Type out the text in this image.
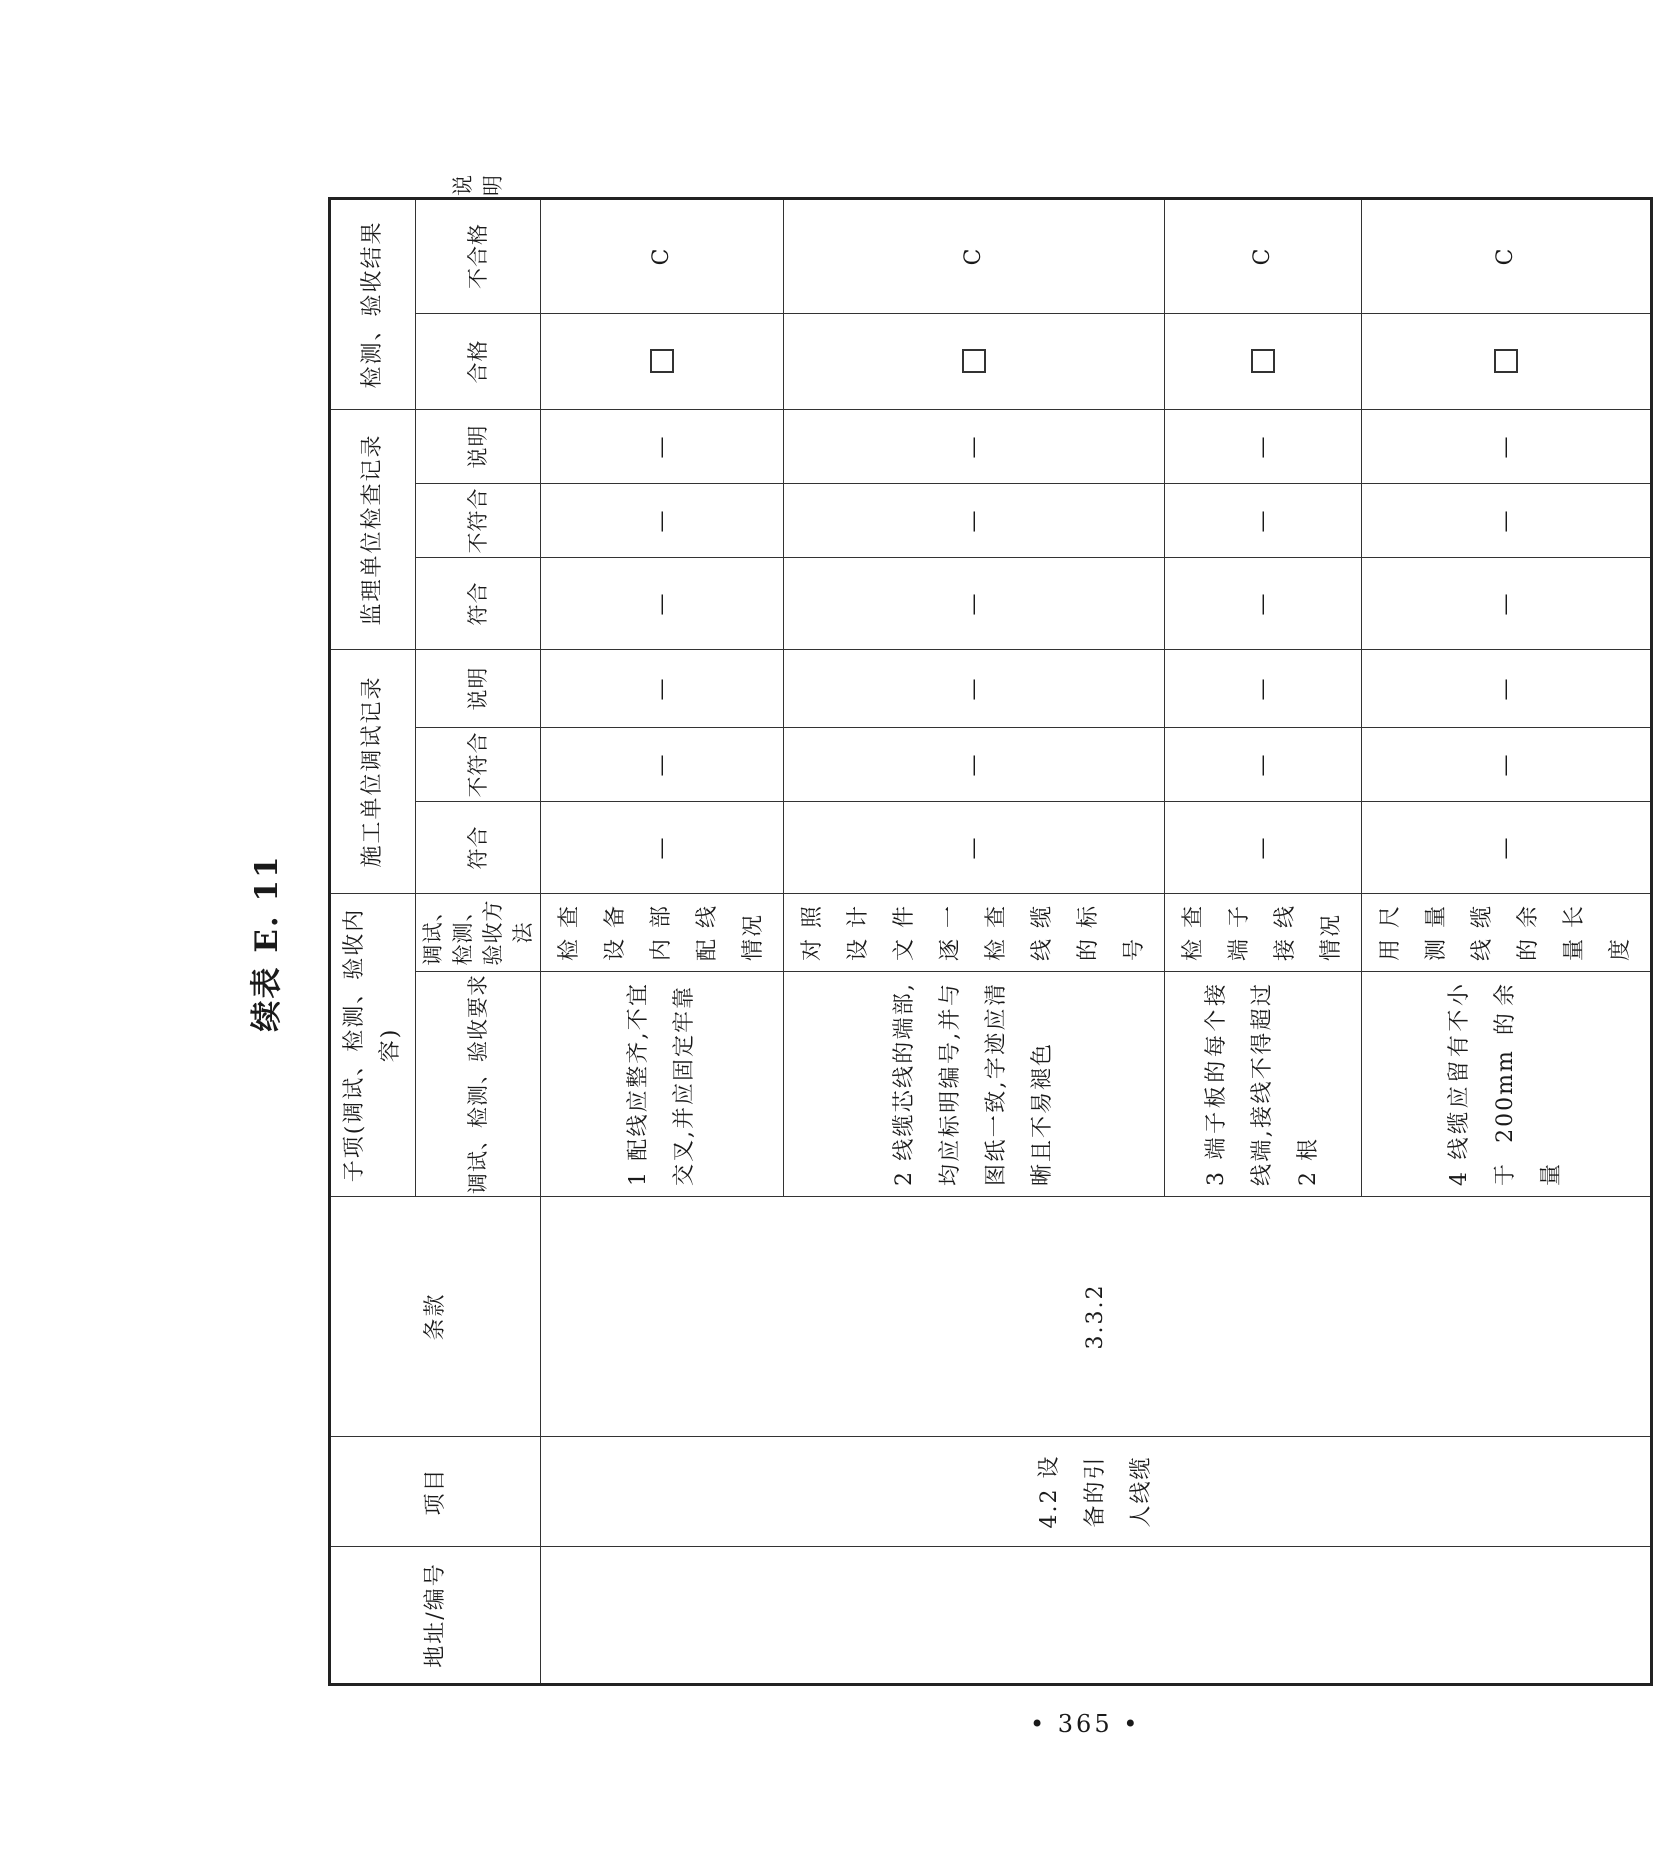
续表 E. 11
地址/编号	项目	条款	子项(调试、检测、验收内容)		施工单位调试记录			监理单位检查记录			检测、验收结果		
			调试、检测、验收要求	调试、检测、验收方法	符合	不符合	说明	符合	不符合	说明	合格	不合格	说明
	4.2 设备的引人线缆	3.3.2	1 配线应整齐,不宜交叉,并应固定牢靠	检查设备内部配线情况	—	—	—	—	—	—		C	
			2 线缆芯线的端部,均应标明编号,并与图纸一致,字迹应清晰且不易褪色	对照设计文件逐一检查线缆的标号	—	—	—	—	—	—		C	
			3 端子板的每个接线端,接线不得超过 2 根	检查端子接线情况	—	—	—	—	—	—		C	
			4 线缆应留有不小于 200mm 的余量	用尺测量线缆的余量长度	—	—	—	—	—	—		C	
• 365 •
